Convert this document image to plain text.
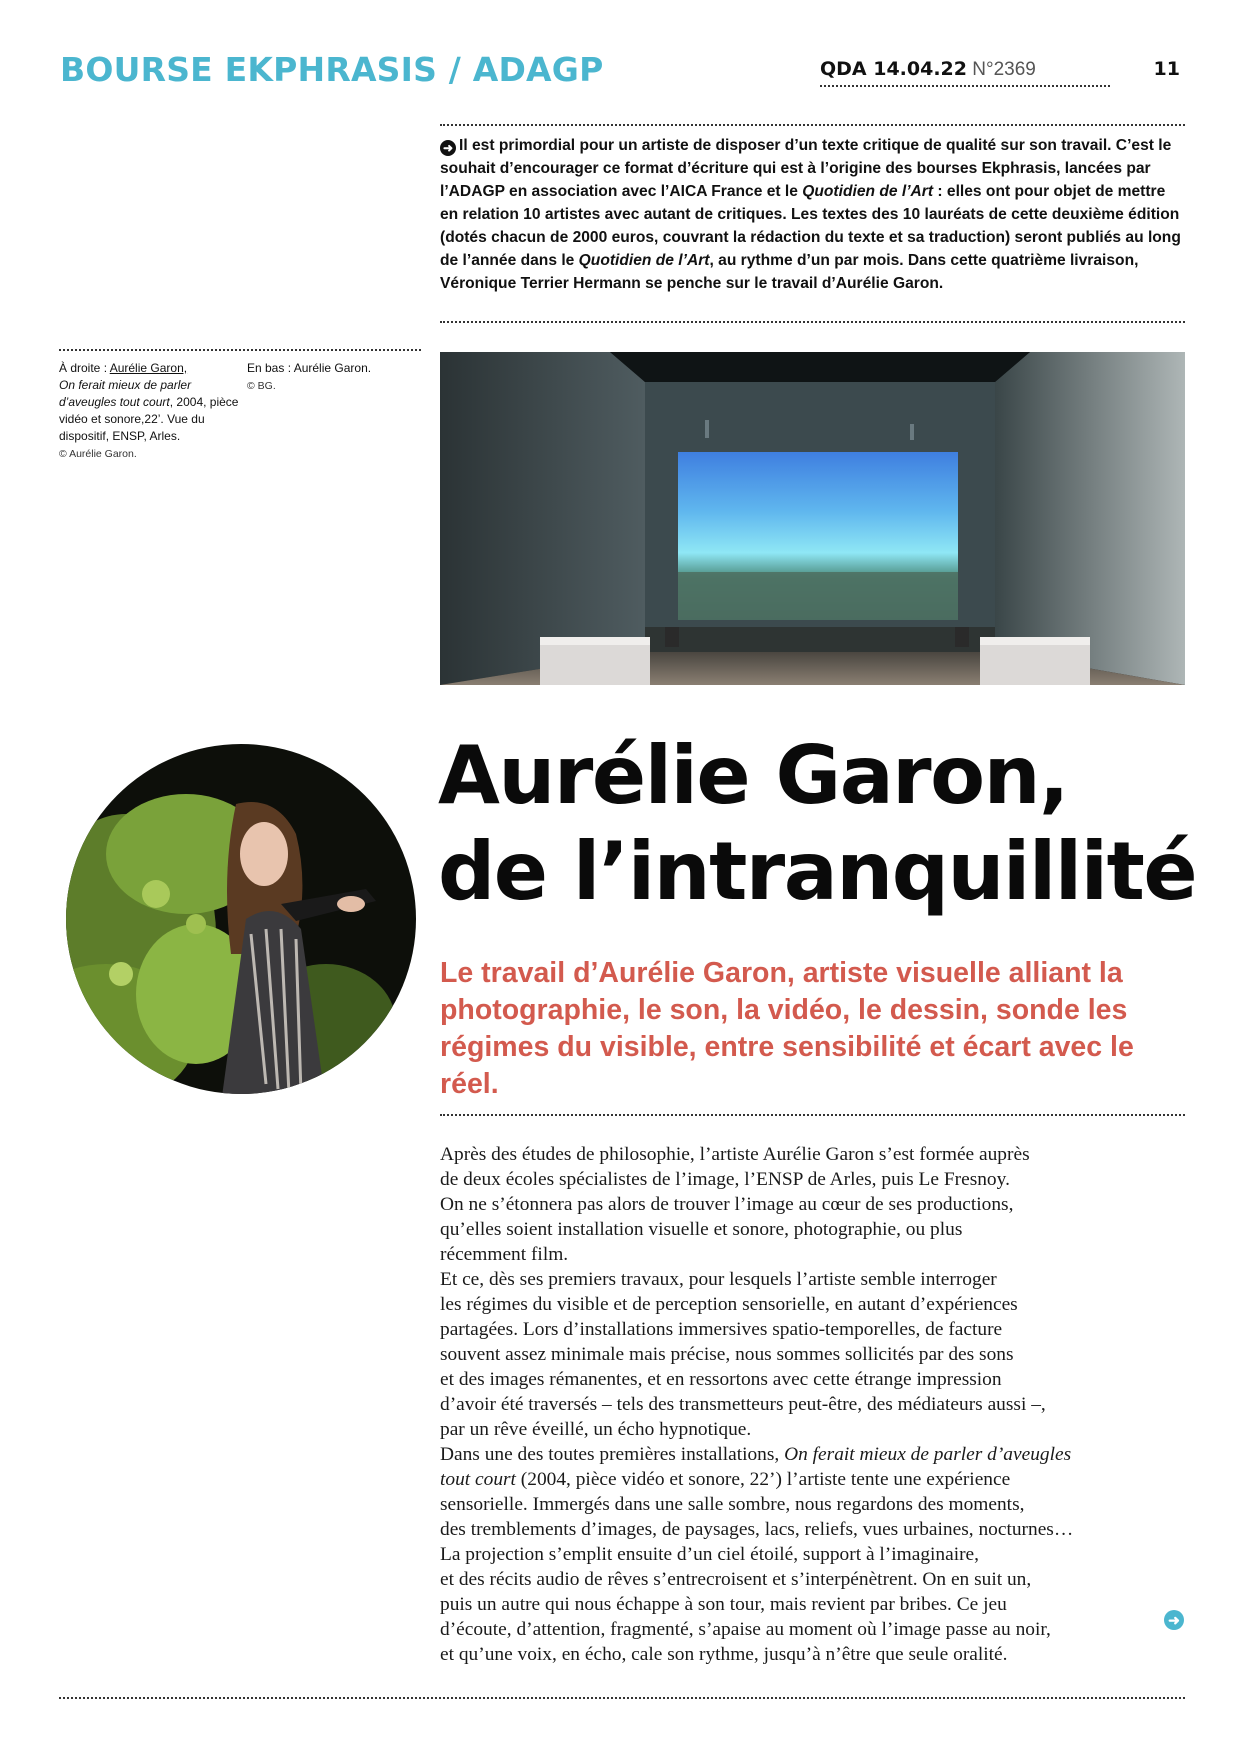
BOURSE EKPHRASIS / ADAGP	QDA 14.04.22 N°2369	11
➜ Il est primordial pour un artiste de disposer d’un texte critique de qualité sur son travail. C’est le souhait d’encourager ce format d’écriture qui est à l’origine des bourses Ekphrasis, lancées par l’ADAGP en association avec l’AICA France et le Quotidien de l’Art : elles ont pour objet de mettre en relation 10 artistes avec autant de critiques. Les textes des 10 lauréats de cette deuxième édition (dotés chacun de 2000 euros, couvrant la rédaction du texte et sa traduction) seront publiés au long de l’année dans le Quotidien de l’Art, au rythme d’un par mois. Dans cette quatrième livraison, Véronique Terrier Hermann se penche sur le travail d’Aurélie Garon.
À droite : Aurélie Garon,
On ferait mieux de parler d’aveugles tout court, 2004, pièce vidéo et sonore,22’. Vue du dispositif, ENSP, Arles.
© Aurélie Garon.
En bas : Aurélie Garon.
© BG.
Aurélie Garon,
de l’intranquillité
Le travail d’Aurélie Garon, artiste visuelle alliant la photographie, le son, la vidéo, le dessin, sonde les régimes du visible, entre sensibilité et écart avec le réel.
Après des études de philosophie, l’artiste Aurélie Garon s’est formée auprès
de deux écoles spécialistes de l’image, l’ENSP de Arles, puis Le Fresnoy.
On ne s’étonnera pas alors de trouver l’image au cœur de ses productions,
qu’elles soient installation visuelle et sonore, photographie, ou plus
récemment film.
Et ce, dès ses premiers travaux, pour lesquels l’artiste semble interroger
les régimes du visible et de perception sensorielle, en autant d’expériences
partagées. Lors d’installations immersives spatio-temporelles, de facture
souvent assez minimale mais précise, nous sommes sollicités par des sons
et des images rémanentes, et en ressortons avec cette étrange impression
d’avoir été traversés – tels des transmetteurs peut-être, des médiateurs aussi –,
par un rêve éveillé, un écho hypnotique.
Dans une des toutes premières installations, On ferait mieux de parler d’aveugles
tout court (2004, pièce vidéo et sonore, 22’) l’artiste tente une expérience
sensorielle. Immergés dans une salle sombre, nous regardons des moments,
des tremblements d’images, de paysages, lacs, reliefs, vues urbaines, nocturnes…
La projection s’emplit ensuite d’un ciel étoilé, support à l’imaginaire,
et des récits audio de rêves s’entrecroisent et s’interpénètrent. On en suit un,
puis un autre qui nous échappe à son tour, mais revient par bribes. Ce jeu
d’écoute, d’attention, fragmenté, s’apaise au moment où l’image passe au noir,
et qu’une voix, en écho, cale son rythme, jusqu’à n’être que seule oralité.
➜
